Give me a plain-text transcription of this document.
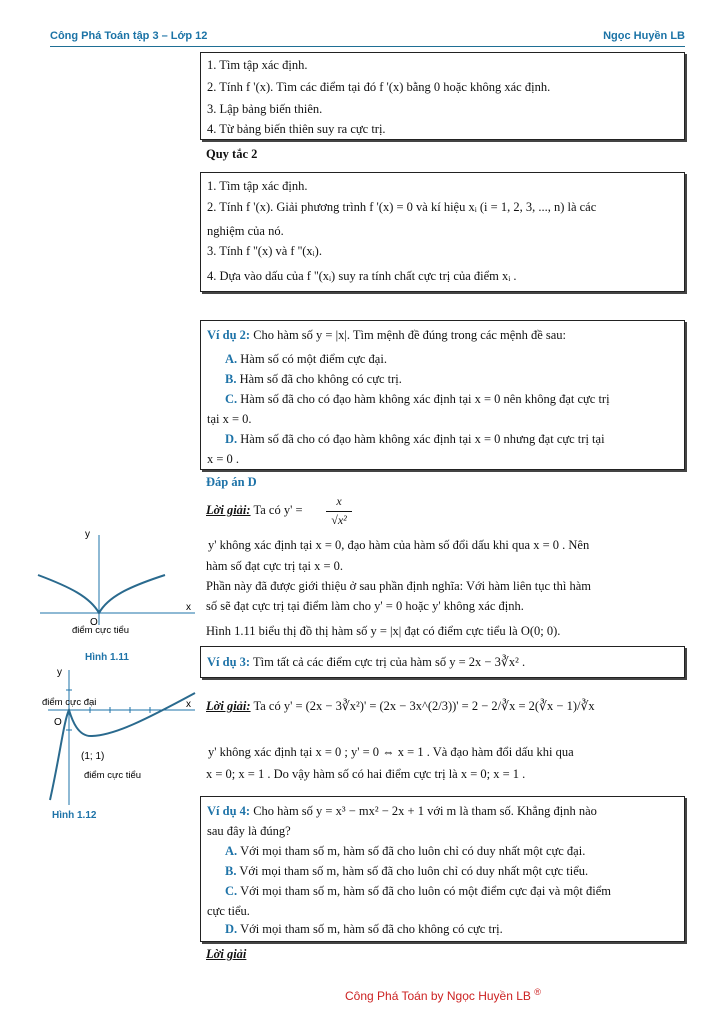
Công Phá Toán tập 3 – Lớp 12	Ngọc Huyền LB
1. Tìm tập xác định.
2. Tính f '(x). Tìm các điểm tại đó f '(x) bằng 0 hoặc không xác định.
3. Lập bảng biến thiên.
4. Từ bảng biến thiên suy ra cực trị.
Quy tắc 2
1. Tìm tập xác định.
2. Tính f '(x). Giải phương trình f '(x) = 0 và kí hiệu xᵢ (i = 1, 2, 3, ..., n) là các
nghiệm của nó.
3. Tính f ''(x) và f ''(xᵢ).
4. Dựa vào dấu của f ''(xᵢ) suy ra tính chất cực trị của điểm xᵢ .
Ví dụ 2: Cho hàm số y = |x|. Tìm mệnh đề đúng trong các mệnh đề sau:
A. Hàm số có một điểm cực đại.
B. Hàm số đã cho không có cực trị.
C. Hàm số đã cho có đạo hàm không xác định tại x = 0 nên không đạt cực trị
tại x = 0.
D. Hàm số đã cho có đạo hàm không xác định tại x = 0 nhưng đạt cực trị tại
x = 0 .
Đáp án D
Lời giải: Ta có y' =
x
√x²
y' không xác định tại x = 0, đạo hàm của hàm số đổi dấu khi qua x = 0 . Nên
hàm số đạt cực trị tại x = 0.
Phần này đã được giới thiệu ở sau phần định nghĩa: Với hàm liên tục thì hàm
số sẽ đạt cực trị tại điểm làm cho y' = 0 hoặc y' không xác định.
Hình 1.11 biểu thị đồ thị hàm số y = |x| đạt có điểm cực tiểu là O(0; 0).
Ví dụ 3: Tìm tất cả các điểm cực trị của hàm số y = 2x − 3∛x² .
Lời giải: Ta có y' = (2x − 3∛x²)' = (2x − 3x^(2/3))' = 2 − 2/∛x = 2(∛x − 1)/∛x
y' không xác định tại x = 0 ; y' = 0 ⇔ x = 1 . Và đạo hàm đổi dấu khi qua
x = 0; x = 1 . Do vậy hàm số có hai điểm cực trị là x = 0; x = 1 .
Ví dụ 4: Cho hàm số y = x³ − mx² − 2x + 1 với m là tham số. Khẳng định nào
sau đây là đúng?
A. Với mọi tham số m, hàm số đã cho luôn chỉ có duy nhất một cực đại.
B. Với mọi tham số m, hàm số đã cho luôn chỉ có duy nhất một cực tiểu.
C. Với mọi tham số m, hàm số đã cho luôn có một điểm cực đại và một điểm
cực tiểu.
D. Với mọi tham số m, hàm số đã cho không có cực trị.
Lời giải
y
x
O
điểm cực tiểu
Hình 1.11
y
x
O
điểm cực đại
(1; 1)
điểm cực tiểu
Hình 1.12
Công Phá Toán by Ngọc Huyền LB ®
